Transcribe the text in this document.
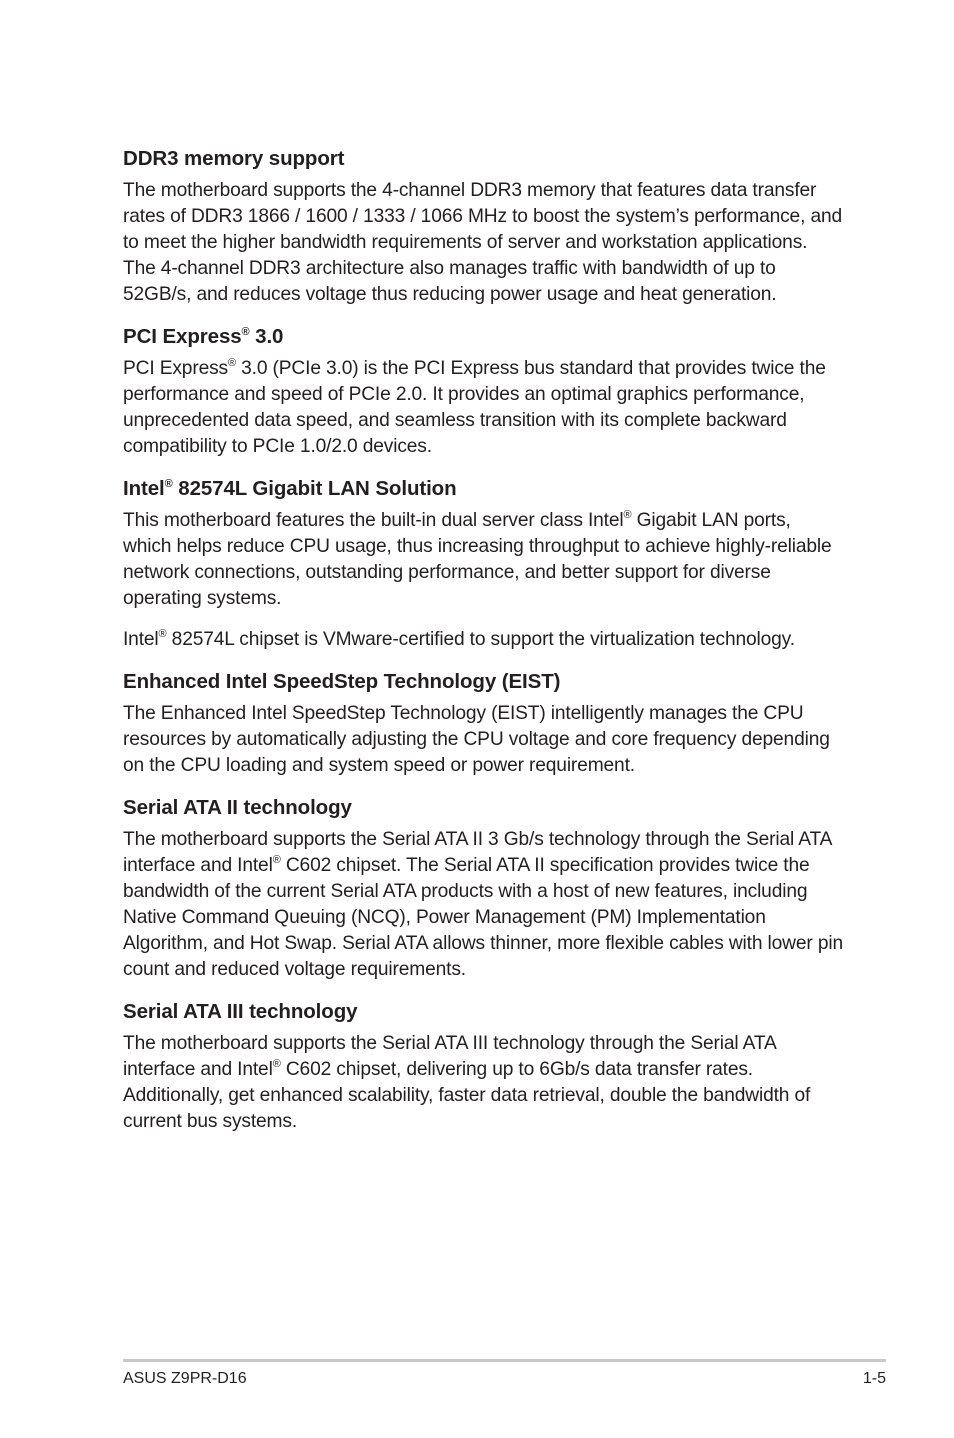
DDR3 memory support

The motherboard supports the 4-channel DDR3 memory that features data transfer rates of DDR3 1866 / 1600 / 1333 / 1066 MHz to boost the system’s performance, and to meet the higher bandwidth requirements of server and workstation applications. The 4-channel DDR3 architecture also manages traffic with bandwidth of up to 52GB/s, and reduces voltage thus reducing power usage and heat generation.

PCI Express® 3.0

PCI Express® 3.0 (PCIe 3.0) is the PCI Express bus standard that provides twice the performance and speed of PCIe 2.0. It provides an optimal graphics performance, unprecedented data speed, and seamless transition with its complete backward compatibility to PCIe 1.0/2.0 devices.

Intel® 82574L Gigabit LAN Solution

This motherboard features the built-in dual server class Intel® Gigabit LAN ports, which helps reduce CPU usage, thus increasing throughput to achieve highly-reliable network connections, outstanding performance, and better support for diverse operating systems.

Intel® 82574L chipset is VMware-certified to support the virtualization technology.

Enhanced Intel SpeedStep Technology (EIST)

The Enhanced Intel SpeedStep Technology (EIST) intelligently manages the CPU resources by automatically adjusting the CPU voltage and core frequency depending on the CPU loading and system speed or power requirement.

Serial ATA II technology

The motherboard supports the Serial ATA II 3 Gb/s technology through the Serial ATA interface and Intel® C602 chipset. The Serial ATA II specification provides twice the bandwidth of the current Serial ATA products with a host of new features, including Native Command Queuing (NCQ), Power Management (PM) Implementation Algorithm, and Hot Swap. Serial ATA allows thinner, more flexible cables with lower pin count and reduced voltage requirements.

Serial ATA III technology

The motherboard supports the Serial ATA III technology through the Serial ATA interface and Intel® C602 chipset, delivering up to 6Gb/s data transfer rates. Additionally, get enhanced scalability, faster data retrieval, double the bandwidth of current bus systems.

ASUS Z9PR-D16	1-5
